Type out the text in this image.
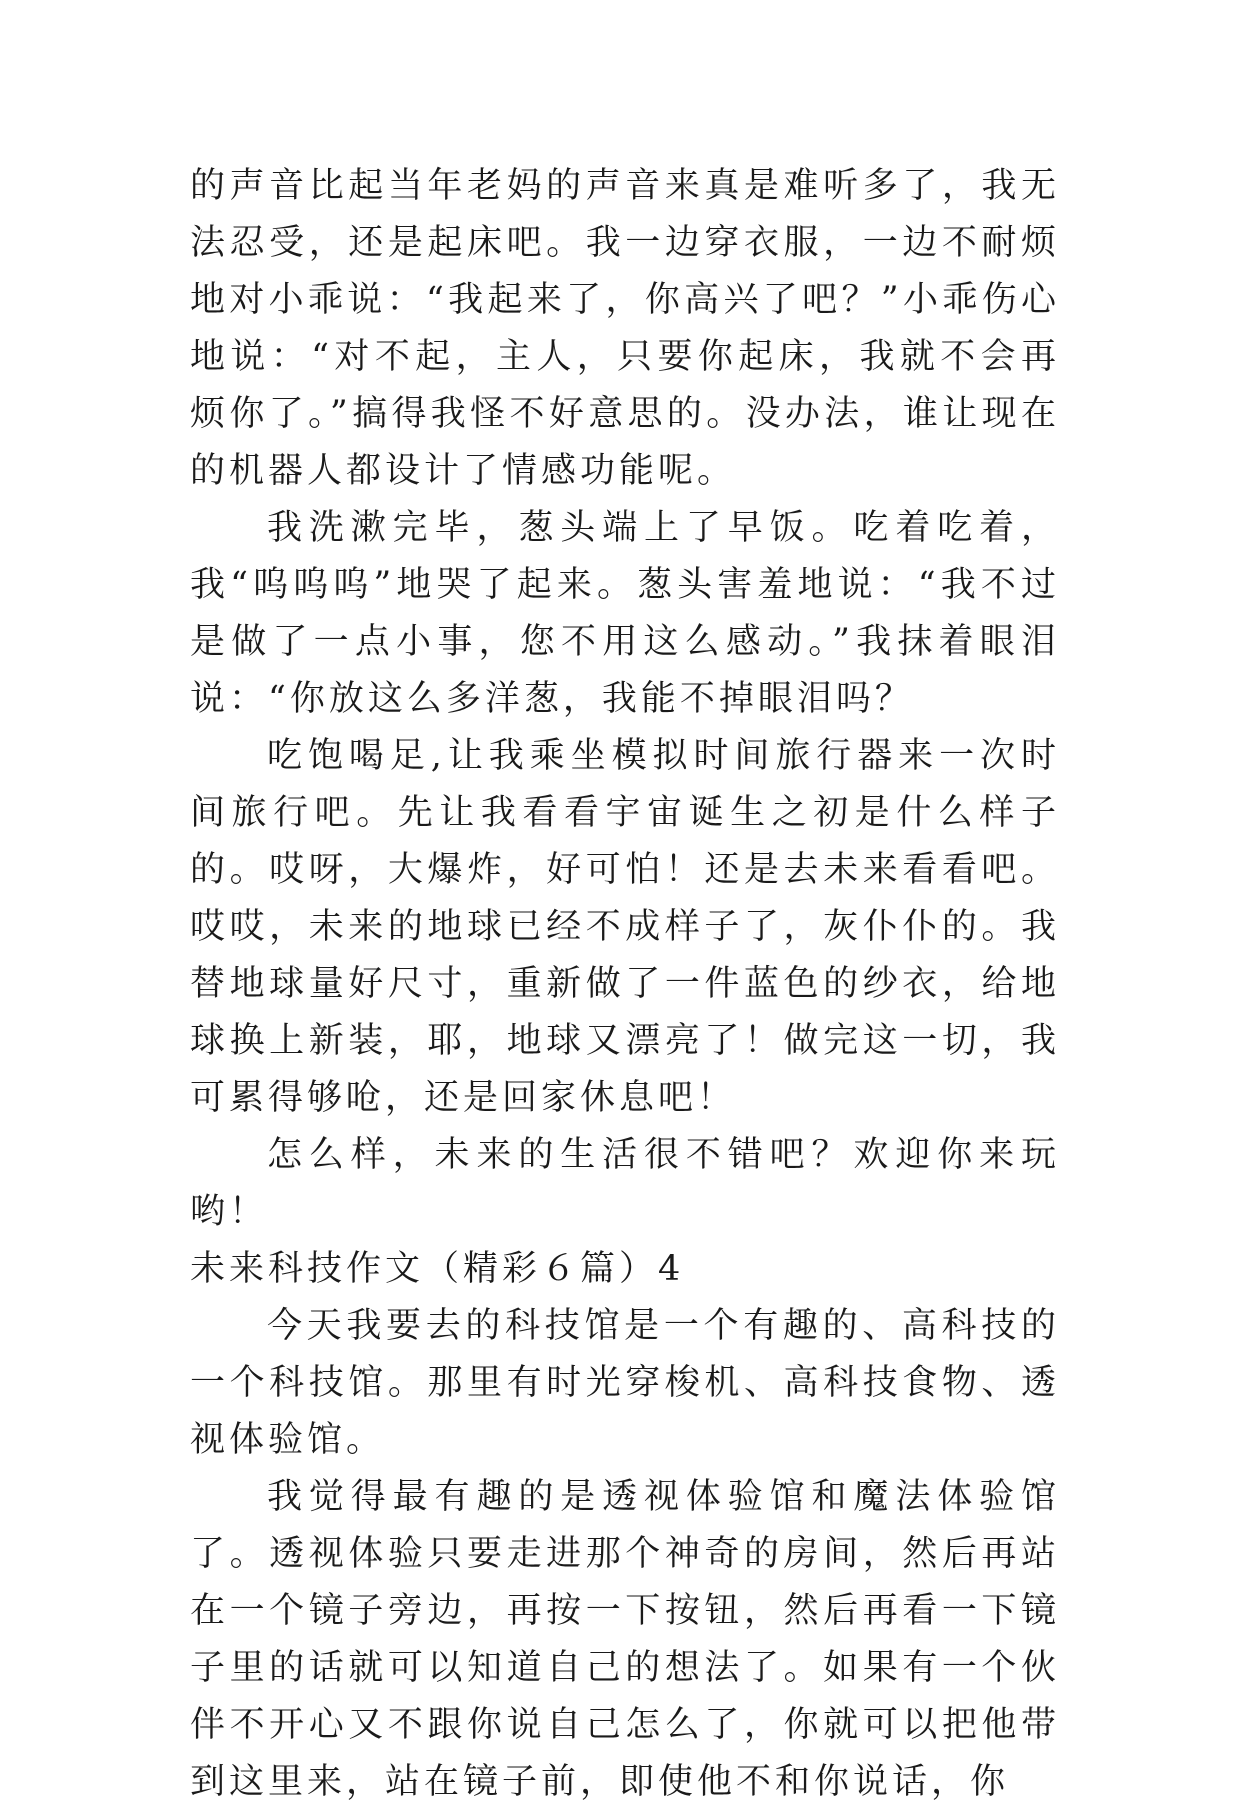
的声音比起当年老妈的声音来真是难听多了，我无法忍受，还是起床吧。我一边穿衣服，一边不耐烦地对小乖说：“我起来了，你高兴了吧？”小乖伤心地说：“对不起，主人，只要你起床，我就不会再烦你了。”搞得我怪不好意思的。没办法，谁让现在的机器人都设计了情感功能呢。

我洗漱完毕，葱头端上了早饭。吃着吃着，我“呜呜呜”地哭了起来。葱头害羞地说：“我不过是做了一点小事，您不用这么感动。”我抹着眼泪说：“你放这么多洋葱，我能不掉眼泪吗？

吃饱喝足,让我乘坐模拟时间旅行器来一次时间旅行吧。先让我看看宇宙诞生之初是什么样子的。哎呀，大爆炸，好可怕！还是去未来看看吧。哎哎，未来的地球已经不成样子了，灰仆仆的。我替地球量好尺寸，重新做了一件蓝色的纱衣，给地球换上新装，耶，地球又漂亮了！做完这一切，我可累得够呛，还是回家休息吧！

怎么样，未来的生活很不错吧？欢迎你来玩哟！

未来科技作文（精彩６篇）4

今天我要去的科技馆是一个有趣的、高科技的一个科技馆。那里有时光穿梭机、高科技食物、透视体验馆。

我觉得最有趣的是透视体验馆和魔法体验馆了。透视体验只要走进那个神奇的房间，然后再站在一个镜子旁边，再按一下按钮，然后再看一下镜子里的话就可以知道自己的想法了。如果有一个伙伴不开心又不跟你说自己怎么了，你就可以把他带到这里来，站在镜子前，即使他不和你说话，你
